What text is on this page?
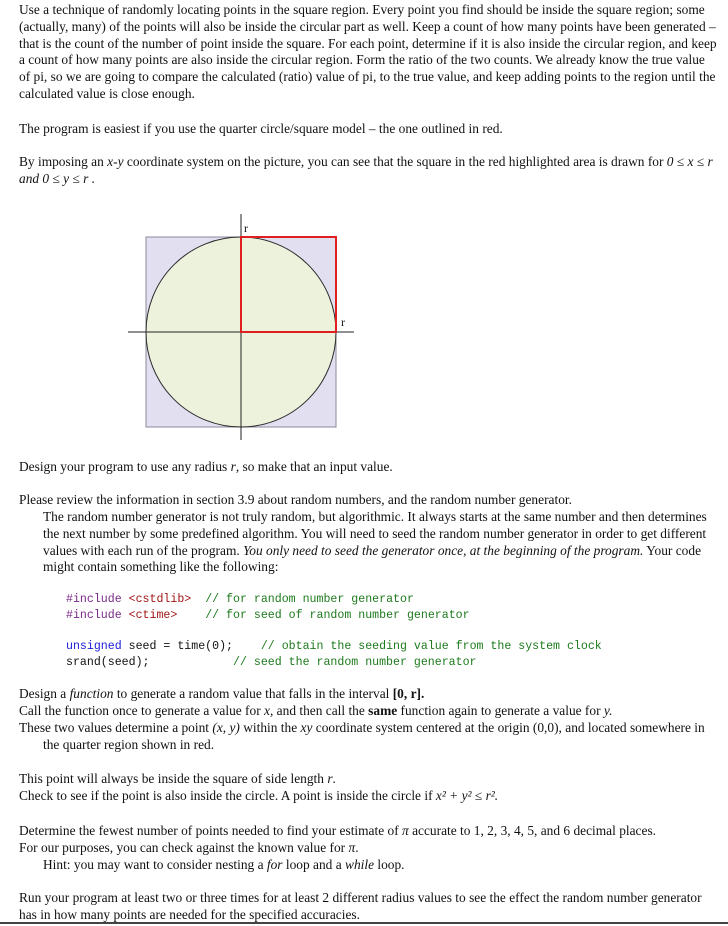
Use a technique of randomly locating points in the square region. Every point you find should be inside the square region; some (actually, many) of the points will also be inside the circular part as well. Keep a count of how many points have been generated – that is the count of the number of point inside the square. For each point, determine if it is also inside the circular region, and keep a count of how many points are also inside the circular region. Form the ratio of the two counts. We already know the true value of pi, so we are going to compare the calculated (ratio) value of pi, to the true value, and keep adding points to the region until the calculated value is close enough.

The program is easiest if you use the quarter circle/square model – the one outlined in red.

By imposing an x-y coordinate system on the picture, you can see that the square in the red highlighted area is drawn for 0 ≤ x ≤ r and 0 ≤ y ≤ r .

r
r

Design your program to use any radius r, so make that an input value.

Please review the information in section 3.9 about random numbers, and the random number generator.

The random number generator is not truly random, but algorithmic. It always starts at the same number and then determines the next number by some predefined algorithm. You will need to seed the random number generator in order to get different values with each run of the program. You only need to seed the generator once, at the beginning of the program. Your code might contain something like the following:

#include <cstdlib> // for random number generator
#include <ctime> // for seed of random number generator
unsigned seed = time(0); // obtain the seeding value from the system clock
srand(seed);	// seed the random number generator

Design a function to generate a random value that falls in the interval [0, r].

Call the function once to generate a value for x, and then call the same function again to generate a value for y.

These two values determine a point (x, y) within the xy coordinate system centered at the origin (0,0), and located somewhere in the quarter region shown in red.

This point will always be inside the square of side length r.

Check to see if the point is also inside the circle. A point is inside the circle if x² + y² ≤ r².

Determine the fewest number of points needed to find your estimate of π accurate to 1, 2, 3, 4, 5, and 6 decimal places.

For our purposes, you can check against the known value for π.

Hint: you may want to consider nesting a for loop and a while loop.

Run your program at least two or three times for at least 2 different radius values to see the effect the random number generator has in how many points are needed for the specified accuracies.
